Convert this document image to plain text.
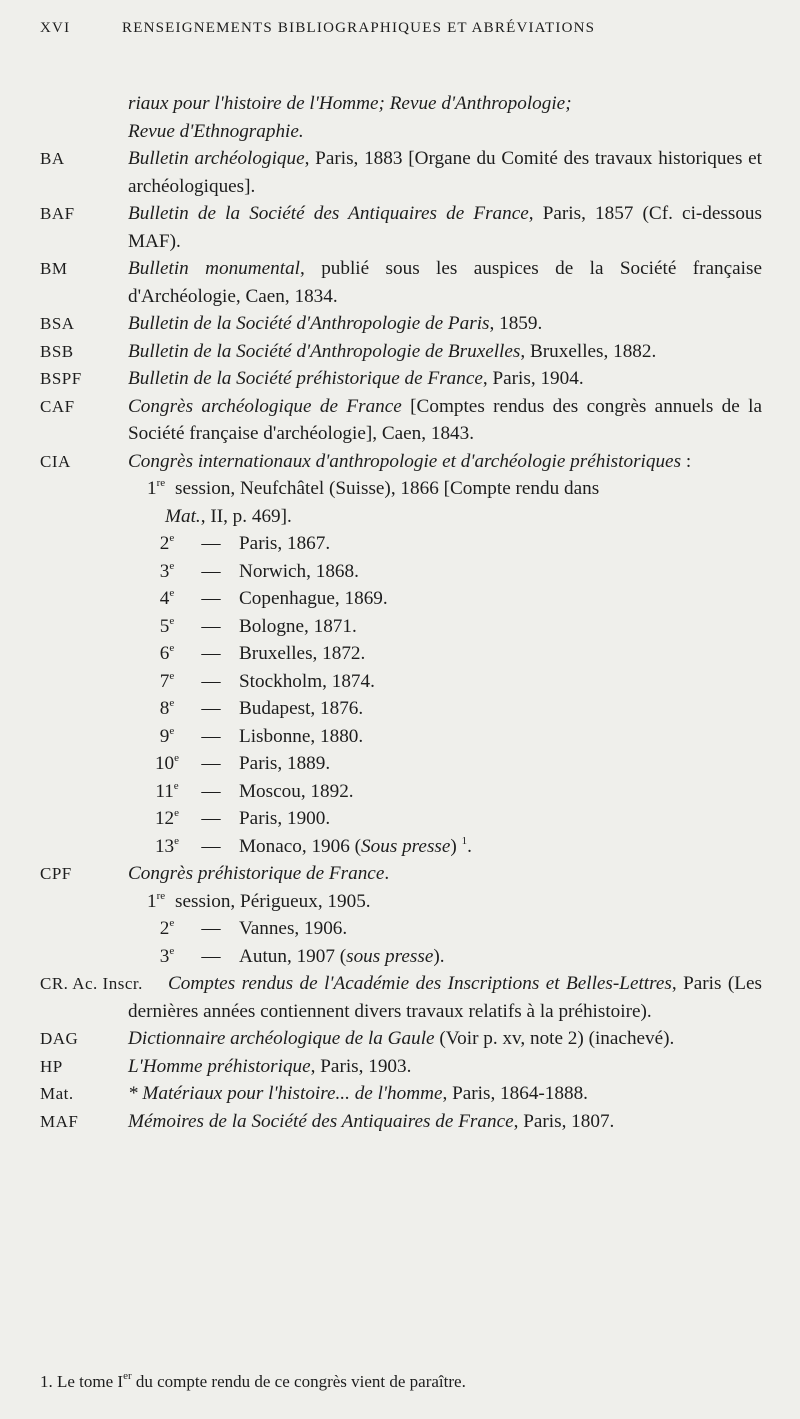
XVI	RENSEIGNEMENTS BIBLIOGRAPHIQUES ET ABRÉVIATIONS
riaux pour l'histoire de l'Homme; Revue d'Anthropologie;
Revue d'Ethnographie.
BA	Bulletin archéologique, Paris, 1883 [Organe du Comité des travaux historiques et archéologiques].
BAF	Bulletin de la Société des Antiquaires de France, Paris, 1857 (Cf. ci-dessous MAF).
BM	Bulletin monumental, publié sous les auspices de la Société française d'Archéologie, Caen, 1834.
BSA	Bulletin de la Société d'Anthropologie de Paris, 1859.
BSB	Bulletin de la Société d'Anthropologie de Bruxelles, Bruxelles, 1882.
BSPF Bulletin de la Société préhistorique de France, Paris, 1904.
CAF	Congrès archéologique de France [Comptes rendus des congrès annuels de la Société française d'archéologie], Caen, 1843.
CIA	Congrès internationaux d'anthropologie et d'archéologie préhistoriques :
1re session, Neufchâtel (Suisse), 1866 [Compte rendu dans
Mat., II, p. 469].
2e	— Paris, 1867.
3e	— Norwich, 1868.
4e	— Copenhague, 1869.
5e	— Bologne, 1871.
6e	— Bruxelles, 1872.
7e	— Stockholm, 1874.
8e	— Budapest, 1876.
9e	— Lisbonne, 1880.
10e	— Paris, 1889.
11e	— Moscou, 1892.
12e	— Paris, 1900.
13e	— Monaco, 1906 (Sous presse) $^1$.
CPF	Congrès préhistorique de France.
1re session, Périgueux, 1905.
2e	— Vannes, 1906.
3e	— Autun, 1907 (sous presse).
CR. Ac. Inscr.	Comptes rendus de l'Académie des Inscriptions et Belles-Lettres, Paris (Les dernières années contiennent divers travaux relatifs à la préhistoire).
DAG	Dictionnaire archéologique de la Gaule (Voir p. xv, note 2) (inachevé).
HP	L'Homme préhistorique, Paris, 1903.
Mat.	* Matériaux pour l'histoire... de l'homme, Paris, 1864-1888.
MAF	Mémoires de la Société des Antiquaires de France, Paris, 1807.
1. Le tome Ier du compte rendu de ce congrès vient de paraître.
